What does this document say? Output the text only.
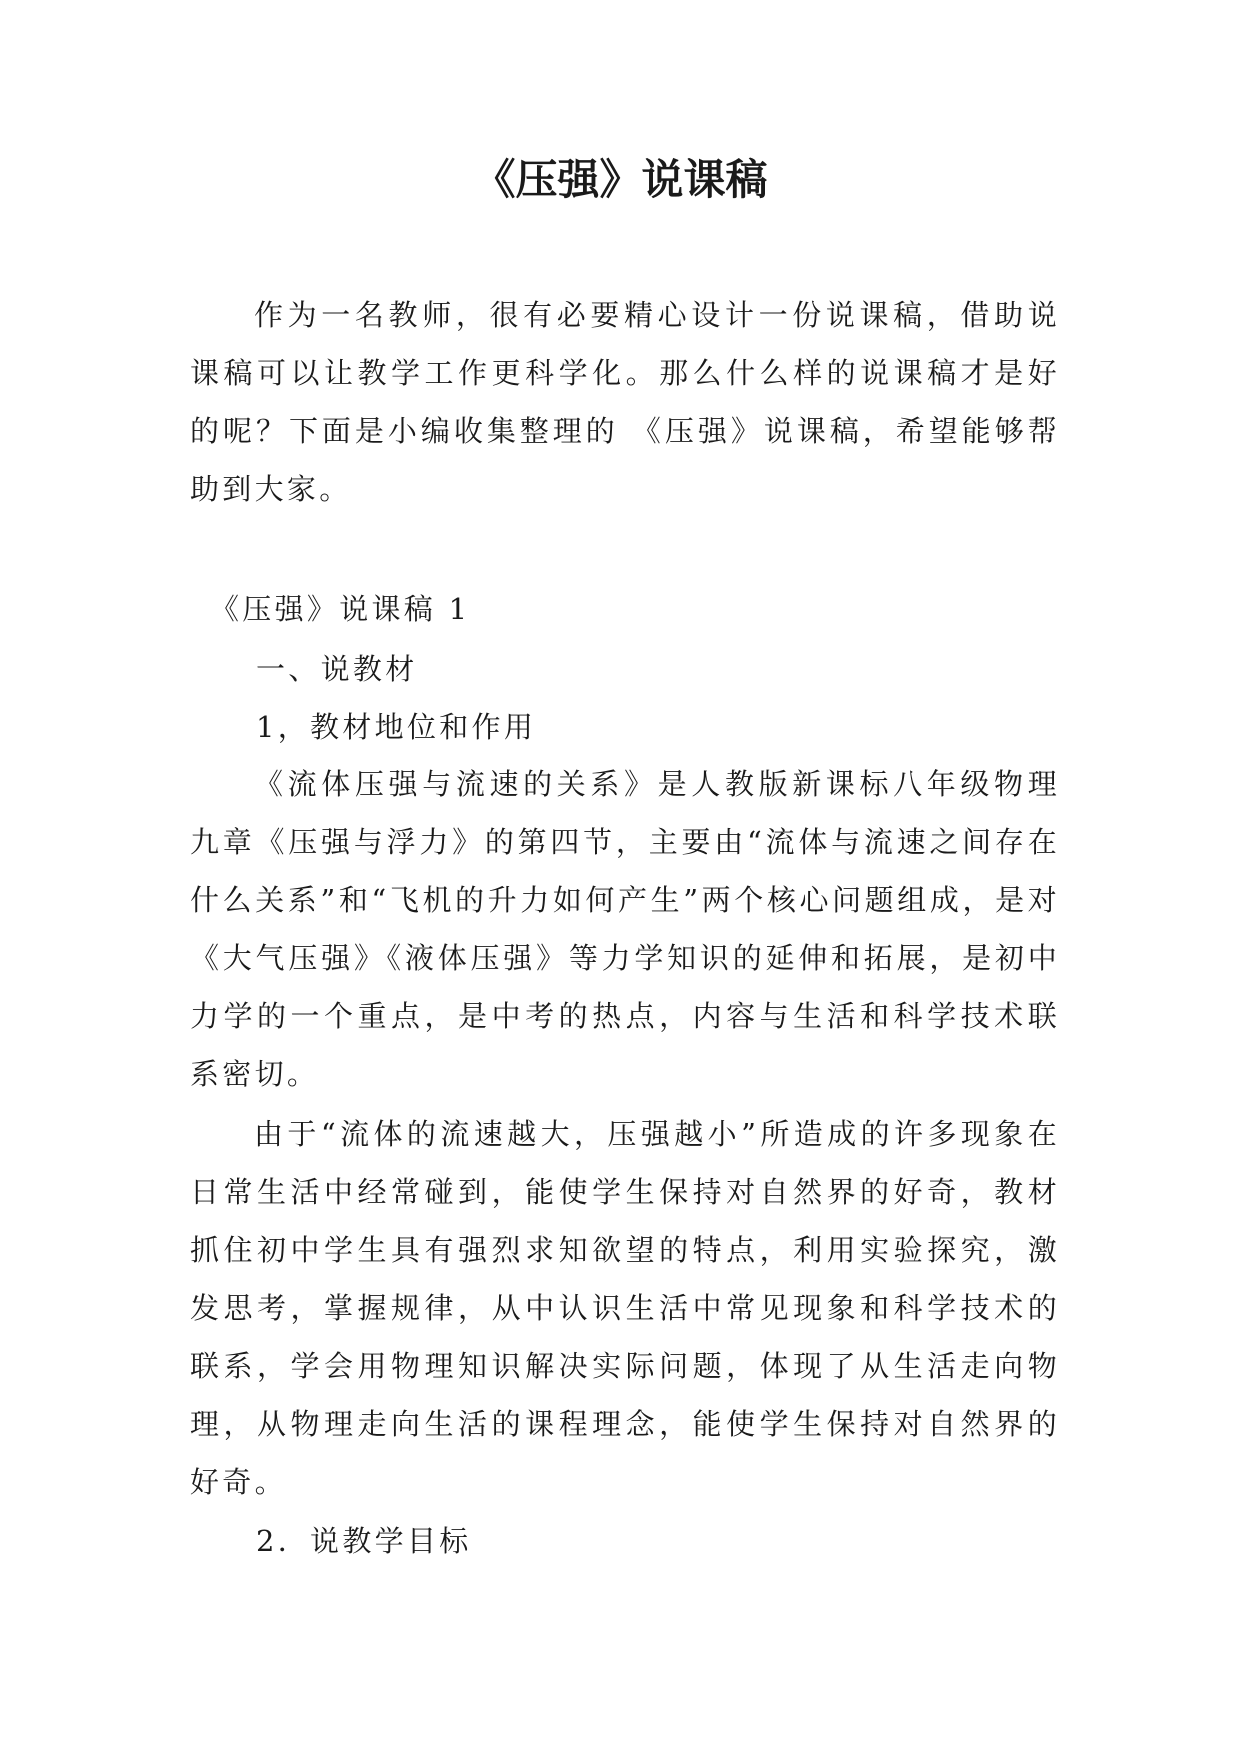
《压强》说课稿

作为一名教师，很有必要精心设计一份说课稿，借助说课稿可以让教学工作更科学化。那么什么样的说课稿才是好的呢？下面是小编收集整理的 《压强》说课稿，希望能够帮助到大家。

《压强》说课稿 1

一、说教材

1，教材地位和作用

《流体压强与流速的关系》是人教版新课标八年级物理九章《压强与浮力》的第四节，主要由“流体与流速之间存在什么关系”和“飞机的升力如何产生”两个核心问题组成，是对《大气压强》《液体压强》等力学知识的延伸和拓展，是初中力学的一个重点，是中考的热点，内容与生活和科学技术联系密切。

由于“流体的流速越大，压强越小”所造成的许多现象在日常生活中经常碰到，能使学生保持对自然界的好奇，教材抓住初中学生具有强烈求知欲望的特点，利用实验探究，激发思考，掌握规律，从中认识生活中常见现象和科学技术的联系，学会用物理知识解决实际问题，体现了从生活走向物理，从物理走向生活的课程理念，能使学生保持对自然界的好奇。

2．说教学目标
